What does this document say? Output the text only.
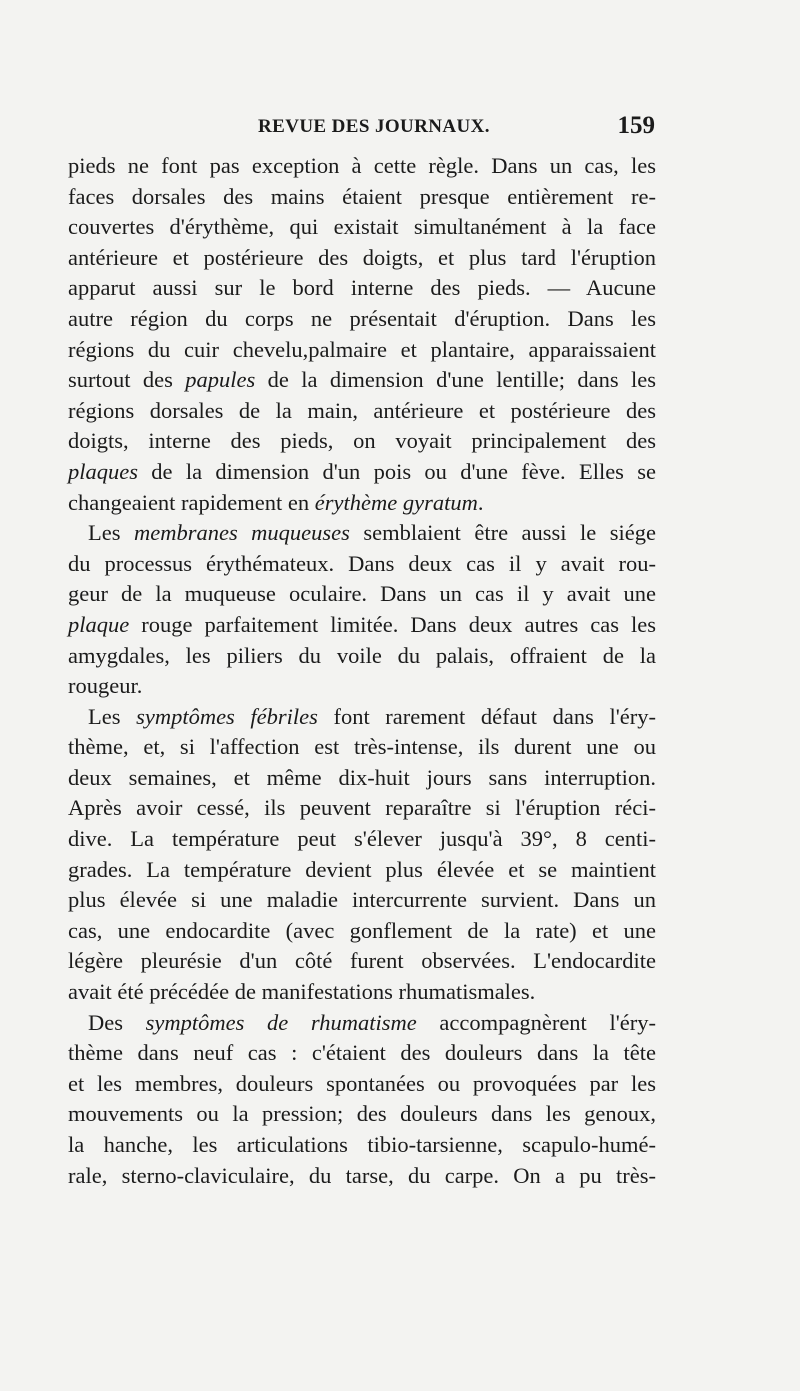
REVUE DES JOURNAUX.	159
pieds ne font pas exception à cette règle. Dans un cas, les
faces dorsales des mains étaient presque entièrement re-
couvertes d'érythème, qui existait simultanément à la face
antérieure et postérieure des doigts, et plus tard l'éruption
apparut aussi sur le bord interne des pieds. — Aucune
autre région du corps ne présentait d'éruption. Dans les
régions du cuir chevelu,palmaire et plantaire, apparaissaient
surtout des papules de la dimension d'une lentille; dans les
régions dorsales de la main, antérieure et postérieure des
doigts, interne des pieds, on voyait principalement des
plaques de la dimension d'un pois ou d'une fève. Elles se
changeaient rapidement en érythème gyratum.
Les membranes muqueuses semblaient être aussi le siége
du processus érythémateux. Dans deux cas il y avait rou-
geur de la muqueuse oculaire. Dans un cas il y avait une
plaque rouge parfaitement limitée. Dans deux autres cas les
amygdales, les piliers du voile du palais, offraient de la
rougeur.
Les symptômes fébriles font rarement défaut dans l'éry-
thème, et, si l'affection est très-intense, ils durent une ou
deux semaines, et même dix-huit jours sans interruption.
Après avoir cessé, ils peuvent reparaître si l'éruption réci-
dive. La température peut s'élever jusqu'à 39°, 8 centi-
grades. La température devient plus élevée et se maintient
plus élevée si une maladie intercurrente survient. Dans un
cas, une endocardite (avec gonflement de la rate) et une
légère pleurésie d'un côté furent observées. L'endocardite
avait été précédée de manifestations rhumatismales.
Des symptômes de rhumatisme accompagnèrent l'éry-
thème dans neuf cas : c'étaient des douleurs dans la tête
et les membres, douleurs spontanées ou provoquées par les
mouvements ou la pression; des douleurs dans les genoux,
la hanche, les articulations tibio-tarsienne, scapulo-humé-
rale, sterno-claviculaire, du tarse, du carpe. On a pu très-
